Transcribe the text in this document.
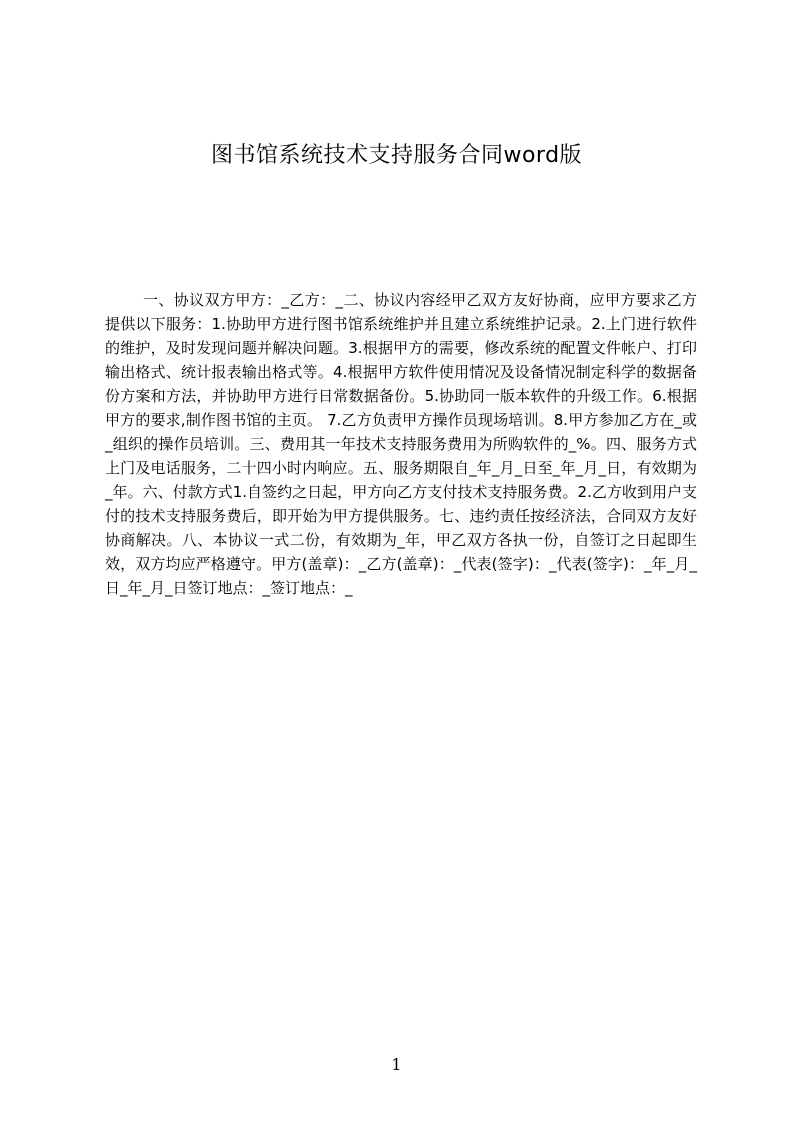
图书馆系统技术支持服务合同word版

一、协议双方甲方：_乙方：_二、协议内容经甲乙双方友好协商，应甲方要求乙方提供以下服务：1.协助甲方进行图书馆系统维护并且建立系统维护记录。2.上门进行软件的维护，及时发现问题并解决问题。3.根据甲方的需要，修改系统的配置文件帐户、打印输出格式、统计报表输出格式等。4.根据甲方软件使用情况及设备情况制定科学的数据备份方案和方法，并协助甲方进行日常数据备份。5.协助同一版本软件的升级工作。6.根据甲方的要求,制作图书馆的主页。 7.乙方负责甲方操作员现场培训。8.甲方参加乙方在_或_组织的操作员培训。三、费用其一年技术支持服务费用为所购软件的_%。四、服务方式上门及电话服务，二十四小时内响应。五、服务期限自_年_月_日至_年_月_日，有效期为_年。六、付款方式1.自签约之日起，甲方向乙方支付技术支持服务费。2.乙方收到用户支付的技术支持服务费后，即开始为甲方提供服务。七、违约责任按经济法，合同双方友好协商解决。八、本协议一式二份，有效期为_年，甲乙双方各执一份，自签订之日起即生效，双方均应严格遵守。甲方(盖章)：_乙方(盖章)：_代表(签字)：_代表(签字)：_年_月_日_年_月_日签订地点：_签订地点：_

1
